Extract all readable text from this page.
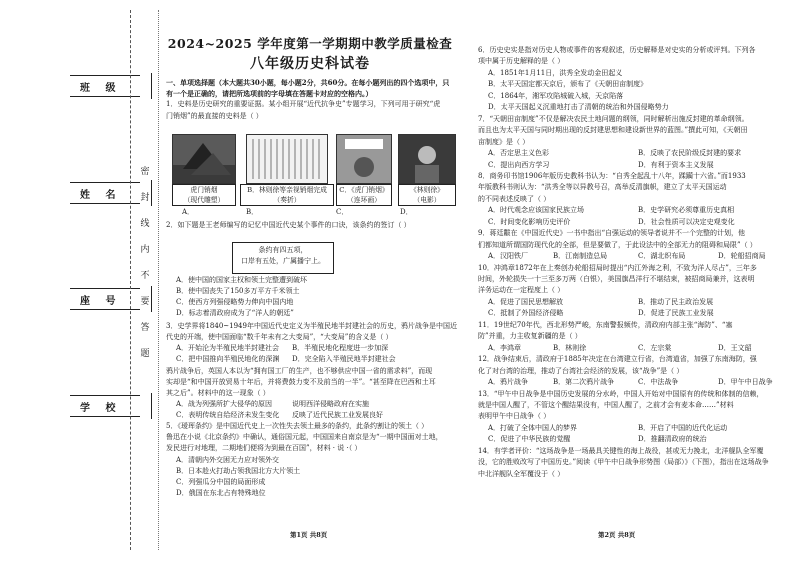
班 级
姓 名
座 号
学 校
密
封
线
内
不
要
答
题
2024~2025 学年度第一学期期中教学质量检查
八年级历史科试卷
虎门销烟
（现代雕塑）
B．林则徐等亲视销烟完成
（奏折）
C．《虎门销烟》
（连环画）
《林则徐》
（电影）
A．	B．	C．	D．
条约有四五项，
口岸有五处，广属播宁上。
第1页 共8页	第2页 共8页
一、单项选择题（本大题共30小题，每小题2分，共60分。在每小题列出的四个选项中，只
有一个是正确的，请把所选项前的字母填在答题卡对应的空格内。）
1．史料是历史研究的重要证据。某小组开展“近代抗争史”专题学习，下列可用于研究“虎
门销烟”的最直接的史料是（ ）
2．如下题是王老师编写的记忆中国近代史某个事件的口诀，该条约的签订（ ）
A．使中国的国家主权和领土完整遭到破坏
B．使中国丧失了150多万平方千米领土
C．使西方列强侵略势力伸向中国内地
D．标志着清政府成为了“洋人的朝廷”
3．史学界将1840~1949年中国近代史定义为半殖民地半封建社会的历史，鸦片战争是中国近
代史的开端，使中国面临“数千年未有之大变局”，“大变局”的含义是（ ）
A．开始沦为半殖民地半封建社会 B．半殖民地化程度进一步加深
C．把中国推向半殖民地化的深渊 D．完全陷入半殖民地半封建社会
鸦片战争后，英国人本以为“拥有国工厂的生产，也不够供应中国一省的需求料”，而现
实却是“和中国开放贸易十年后，并将费鼓力变不及前当的一半”。“甚至降在巴西和土耳
其之后”。材料中的这一现象（ ）
A．战为列强所扩大侵华的原因	说明西洋侵略政府在实施
C．表明传统自给经济未发生变化 反映了近代民族工业发展良好
5．《瑷珲条约》是中国近代史上一次性失去领土最多的条约，此条约割让的领土（ ）
鲁迅在小说《北京条约》中确认，通俗国元起，中国国来自南京是为“一期中国面对土地，
发民进行对地理，二期地们便将为到最在百国”，材料 · 说 ·（ ）
A．清朝内外交困无力应对领外交
B．日本趁火打劫占领我国北方大片领土
C．列强瓜分中国的局面形成
D．俄国在东北占有特殊地位
6．历史史实是指对历史人物或事件的客观叙述，历史解释是对史实的分析或评判。下列各
项中属于历史解释的是（ ）
A．1851年1月11日，洪秀全发动金田起义
B．太平天国定都天京后，颁布了《天朝田亩制度》
C．1864年，湘军攻陷城破入城，天京陷落
D．太平天国起义沉重地打击了清朝的统治和外国侵略势力
7．“天朝田亩制度”不仅是解决农民土地问题的纲领，同时解析出施反封建的革命纲领。
而且也为太平天国与同时期出现的反封建思想和建设新世界的蓝图。”撰此可知，《天朝田
亩制度》是（ ）
A．否定思主义色彩	B．反映了农民阶级反封建的要求
C．提出向西方学习	D．有利于资本主义发展
8．商务印书馆1906年版历史教科书认为：“自秀全起乱十八年，蹂躏十六省。”而1933
年版教科书则认为：“洪秀全等以异教号召，高举反清旗帜，建立了太平天国运动
的不同表述反映了（ ）
A．时代观念应该国家民族立场	B．史学研究必须尊重历史真相
C．时间变化影响历史评价	D．社会性质可以决定史观变化
9．蒋廷黻在《中国近代史》一书中指出“自强运动的领导者说并不一个完整的计划，他
们都知道所谓国防现代化的全部，但是要做了，于此设法中的全部无力的阻碍和局限”（ ）
A．汉阳铁厂	B．江南制造总局	C．湖北织布局	D．轮船招商局
10．冲鸿章1872年在上奏创办轮船招局时提出“内江外海之利，不致为洋人尽占”，三年多
时间，外轮损失一十三至多万两（白银），美国旗昌洋行不堪结束，被招商局兼并，这表明
洋务运动在一定程度上（ ）
A．促进了国民思想解放	B．推动了民主政治发展
C．抵制了外国经济侵略	D．促进了民族工业发展
11．19世纪70年代，西北形势严峻，东南警报频传，清政府内部主张“海防”、“塞
防”并重，力主收复新疆的是（ ）
A．李鸿章	B．林则徐	C．左宗棠	D．王文韶
12．战争结束后，清政府于1885年决定在台湾建立行省，台湾道省，加强了东南海防，强
化了对台湾的治理，推动了台湾社会经济的发展，该“战争”是（ ）
A．鸦片战争	B．第二次鸦片战争	C．中法战争	D．甲午中日战争
13．“甲午中日战争是中国历史发展的分水岭，中国人开始对中国原有的传统和体制的信赖，
就是中国人醒了，不管这个醒结果没有，中国人醒了，之前才会有麦本命……”材料
表明甲午中日战争（ ）
A．打破了全体中国人的梦界	B．开启了中国的近代化运动
C．促进了中华民族的觉醒	D．推翻清政府的统治
14．有学者评价：“这场战争是一场最具关键性的海上战役，甚或无力挽北，北洋舰队全军覆
没，它的胜败改写了中国历史。”阅读《甲午中日战争形势图（局部）》（下图），指出在这场战争
中北洋舰队全军覆没于（ ）
